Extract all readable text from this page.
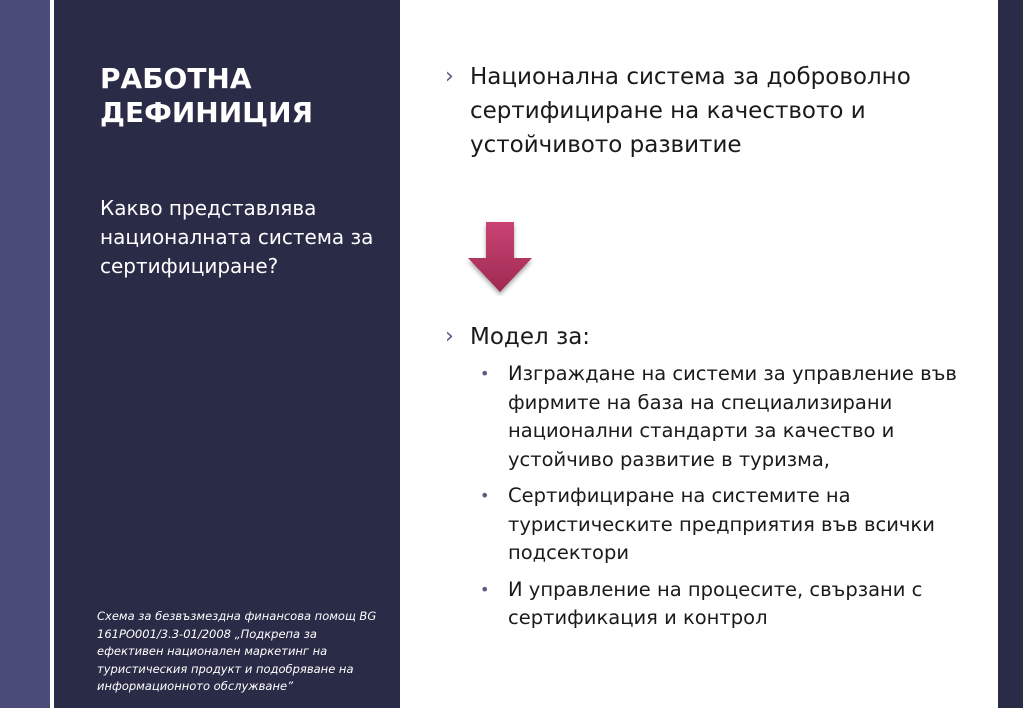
РАБОТНА
ДЕФИНИЦИЯ

Какво представлява националната система за сертифициране?

Схема за безвъзмездна финансова помощ BG 161PO001/3.3-01/2008 „Подкрепа за ефективен национален маркетинг на туристическия продукт и подобряване на информационното обслужване”

› Национална система за доброволно сертифициране на качеството и устойчивото развитие
› Модел за:
• Изграждане на системи за управление във фирмите на база на специализирани национални стандарти за качество и устойчиво развитие в туризма,
• Сертифициране на системите на туристическите предприятия във всички подсектори
• И управление на процесите, свързани с сертификация и контрол
